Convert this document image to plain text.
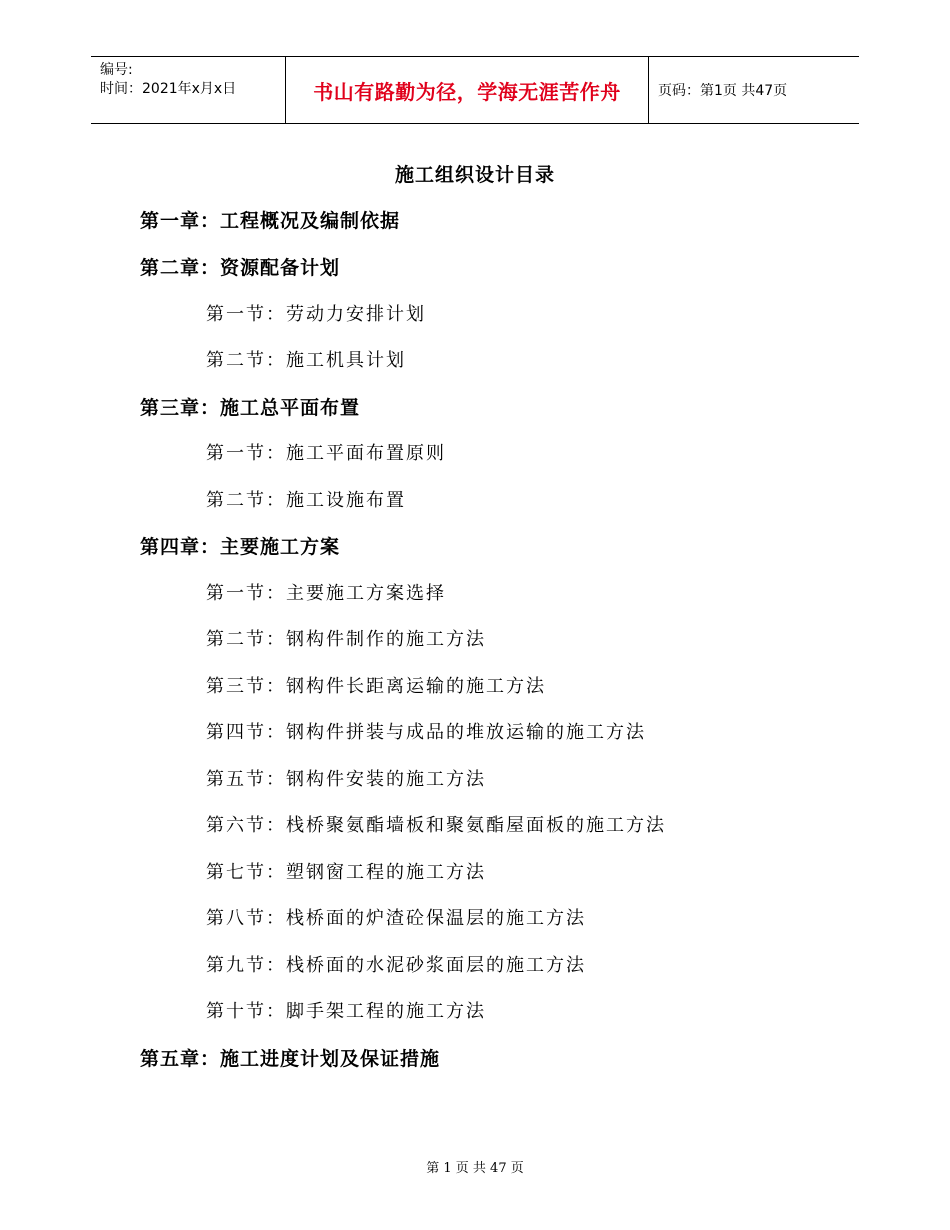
编号:
时间：2021年x月x日	书山有路勤为径，学海无涯苦作舟	页码：第1页 共47页
施工组织设计目录
第一章：工程概况及编制依据
第二章：资源配备计划
第一节：劳动力安排计划
第二节：施工机具计划
第三章：施工总平面布置
第一节：施工平面布置原则
第二节：施工设施布置
第四章：主要施工方案
第一节：主要施工方案选择
第二节：钢构件制作的施工方法
第三节：钢构件长距离运输的施工方法
第四节：钢构件拼装与成品的堆放运输的施工方法
第五节：钢构件安装的施工方法
第六节：栈桥聚氨酯墙板和聚氨酯屋面板的施工方法
第七节：塑钢窗工程的施工方法
第八节：栈桥面的炉渣砼保温层的施工方法
第九节：栈桥面的水泥砂浆面层的施工方法
第十节：脚手架工程的施工方法
第五章：施工进度计划及保证措施
第 1 页 共 47 页
